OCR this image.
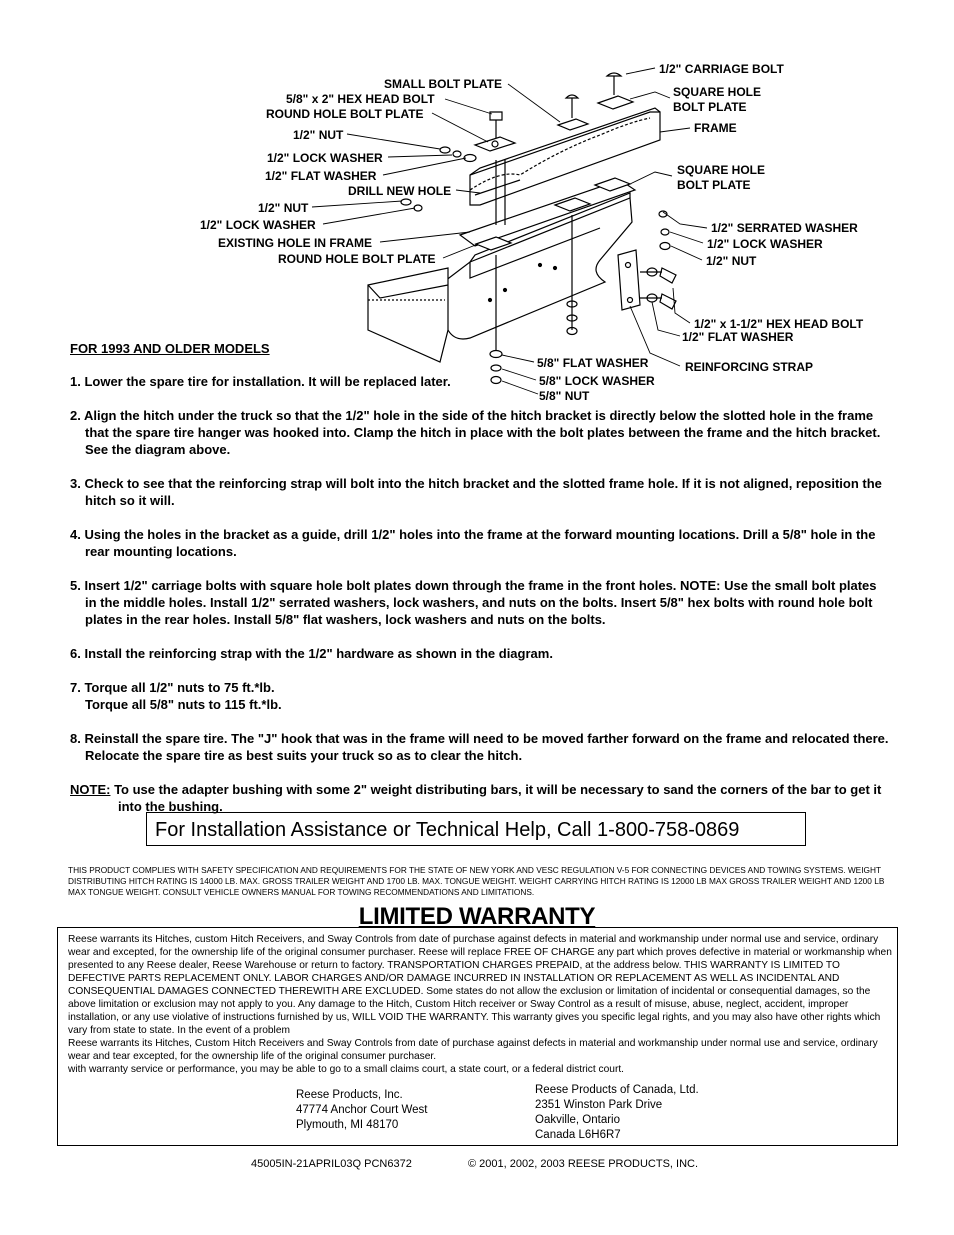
SMALL BOLT PLATE
5/8" x 2" HEX HEAD BOLT
ROUND HOLE BOLT PLATE
1/2" NUT
1/2" LOCK WASHER
1/2" FLAT WASHER
DRILL NEW HOLE
1/2" NUT
1/2" LOCK WASHER
EXISTING HOLE IN FRAME
ROUND HOLE BOLT PLATE
1/2" CARRIAGE BOLT
SQUARE HOLE
BOLT PLATE
FRAME
SQUARE HOLE
BOLT PLATE
1/2" SERRATED WASHER
1/2" LOCK WASHER
1/2" NUT
1/2" x 1-1/2" HEX HEAD BOLT
1/2" FLAT WASHER
REINFORCING STRAP
5/8" FLAT WASHER
5/8" LOCK WASHER
5/8" NUT
FOR 1993 AND OLDER MODELS
1. Lower the spare tire for installation. It will be replaced later.
2. Align the hitch under the truck so that the 1/2" hole in the side of the hitch bracket is directly below the slotted hole in the frame that the spare tire hanger was hooked into. Clamp the hitch in place with the bolt plates between the frame and the hitch bracket. See the diagram above.
3. Check to see that the reinforcing strap will bolt into the hitch bracket and the slotted frame hole. If it is not aligned, reposition the hitch so it will.
4. Using the holes in the bracket as a guide, drill 1/2" holes into the frame at the forward mounting locations. Drill a 5/8" hole in the rear mounting locations.
5. Insert 1/2" carriage bolts with square hole bolt plates down through the frame in the front holes. NOTE: Use the small bolt plates in the middle holes. Install 1/2" serrated washers, lock washers, and nuts on the bolts. Insert 5/8" hex bolts with round hole bolt plates in the rear holes. Install 5/8" flat washers, lock washers and nuts on the bolts.
6. Install the reinforcing strap with the 1/2" hardware as shown in the diagram.
7. Torque all 1/2" nuts to 75 ft.*lb.
Torque all 5/8" nuts to 115 ft.*lb.
8. Reinstall the spare tire. The "J" hook that was in the frame will need to be moved farther forward on the frame and relocated there. Relocate the spare tire as best suits your truck so as to clear the hitch.
NOTE: To use the adapter bushing with some 2" weight distributing bars, it will be necessary to sand the corners of the bar to get it into the bushing.
For Installation Assistance or Technical Help, Call 1-800-758-0869
THIS PRODUCT COMPLIES WITH SAFETY SPECIFICATION AND REQUIREMENTS FOR THE STATE OF NEW YORK AND VESC REGULATION V-5 FOR CONNECTING DEVICES AND TOWING SYSTEMS. WEIGHT DISTRIBUTING HITCH RATING IS 14000 LB. MAX. GROSS TRAILER WEIGHT AND 1700 LB. MAX. TONGUE WEIGHT. WEIGHT CARRYING HITCH RATING IS 12000 LB MAX GROSS TRAILER WEIGHT AND 1200 LB MAX TONGUE WEIGHT. CONSULT VEHICLE OWNERS MANUAL FOR TOWING RECOMMENDATIONS AND LIMITATIONS.
LIMITED WARRANTY
Reese warrants its Hitches, custom Hitch Receivers, and Sway Controls from date of purchase against defects in material and workmanship under normal use and service, ordinary wear and excepted, for the ownership life of the original consumer purchaser. Reese will replace FREE OF CHARGE any part which proves defective in material or workmanship when presented to any Reese dealer, Reese Warehouse or return to factory. TRANSPORTATION CHARGES PREPAID, at the address below. THIS WARRANTY IS LIMITED TO DEFECTIVE PARTS REPLACEMENT ONLY. LABOR CHARGES AND/OR DAMAGE INCURRED IN INSTALLATION OR REPLACEMENT AS WELL AS INCIDENTAL AND CONSEQUENTIAL DAMAGES CONNECTED THEREWITH ARE EXCLUDED. Some states do not allow the exclusion or limitation of incidental or consequential damages, so the above limitation or exclusion may not apply to you. Any damage to the Hitch, Custom Hitch receiver or Sway Control as a result of misuse, abuse, neglect, accident, improper installation, or any use violative of instructions furnished by us, WILL VOID THE WARRANTY. This warranty gives you specific legal rights, and you may also have other rights which vary from state to state. In the event of a problem
Reese warrants its Hitches, Custom Hitch Receivers and Sway Controls from date of purchase against defects in material and workmanship under normal use and service, ordinary wear and tear excepted, for the ownership life of the original consumer purchaser.
with warranty service or performance, you may be able to go to a small claims court, a state court, or a federal district court.
Reese Products, Inc.
47774 Anchor Court West
Plymouth, MI 48170
Reese Products of Canada, Ltd.
2351 Winston Park Drive
Oakville, Ontario
Canada L6H6R7
45005IN-21APRIL03Q PCN6372	© 2001, 2002, 2003 REESE PRODUCTS, INC.
